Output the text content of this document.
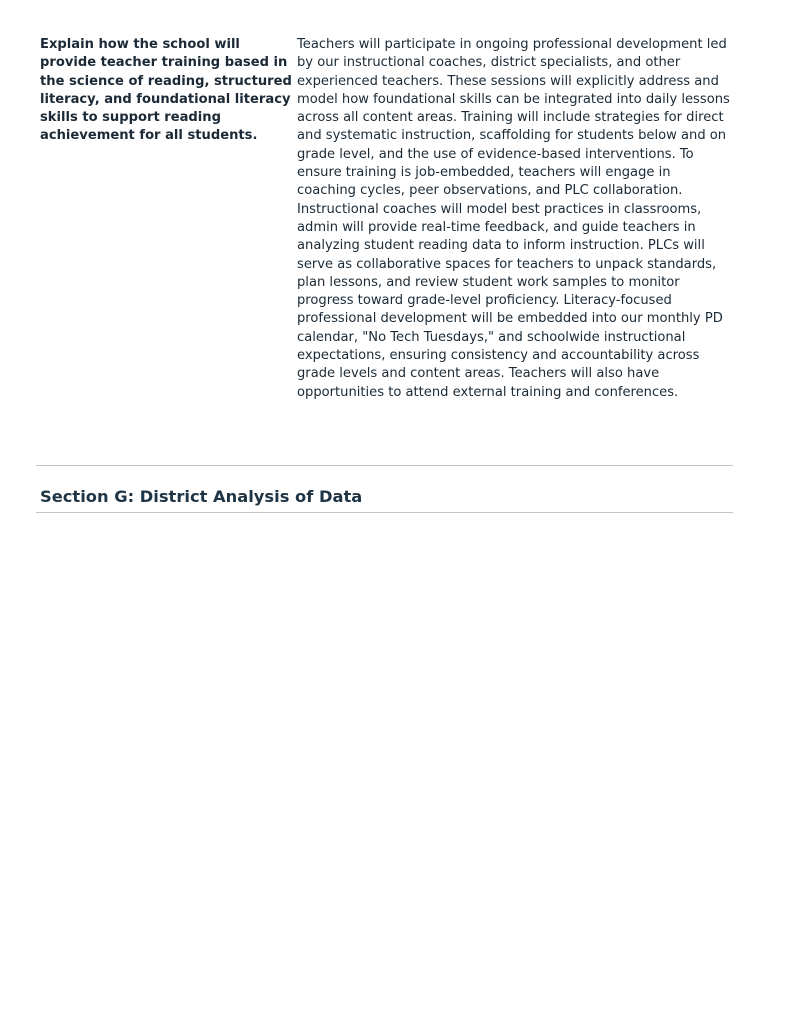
Explain how the school will provide teacher training based in the science of reading, structured literacy, and foundational literacy skills to support reading achievement for all students.

Teachers will participate in ongoing professional development led by our instructional coaches, district specialists, and other experienced teachers. These sessions will explicitly address and model how foundational skills can be integrated into daily lessons across all content areas. Training will include strategies for direct and systematic instruction, scaffolding for students below and on grade level, and the use of evidence-based interventions. To ensure training is job-embedded, teachers will engage in coaching cycles, peer observations, and PLC collaboration. Instructional coaches will model best practices in classrooms, admin will provide real-time feedback, and guide teachers in analyzing student reading data to inform instruction. PLCs will serve as collaborative spaces for teachers to unpack standards, plan lessons, and review student work samples to monitor progress toward grade-level proficiency. Literacy-focused professional development will be embedded into our monthly PD calendar, "No Tech Tuesdays," and schoolwide instructional expectations, ensuring consistency and accountability across grade levels and content areas. Teachers will also have opportunities to attend external training and conferences.

Section G: District Analysis of Data
